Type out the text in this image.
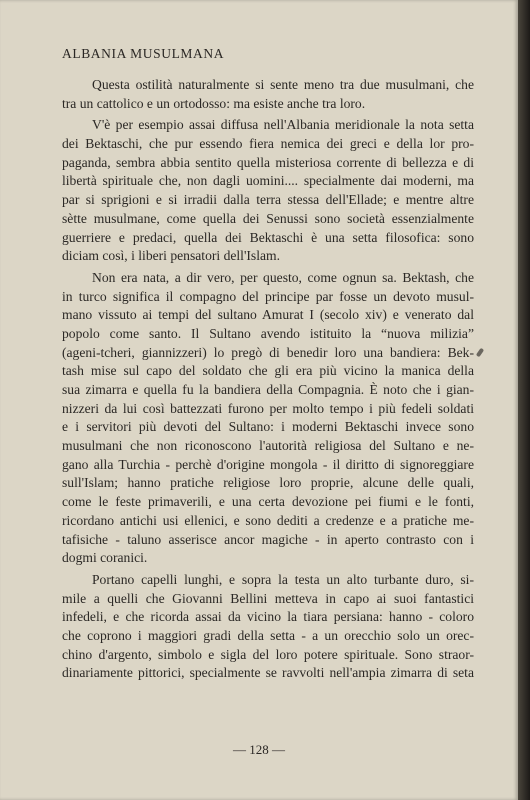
ALBANIA MUSULMANA
Questa ostilità naturalmente si sente meno tra due musulmani, che
tra un cattolico e un ortodosso: ma esiste anche tra loro.
V'è per esempio assai diffusa nell'Albania meridionale la nota setta
dei Bektaschi, che pur essendo fiera nemica dei greci e della lor pro-
paganda, sembra abbia sentito quella misteriosa corrente di bellezza e di
libertà spirituale che, non dagli uomini.... specialmente dai moderni, ma
par si sprigioni e si irradii dalla terra stessa dell'Ellade; e mentre altre
sètte musulmane, come quella dei Senussi sono società essenzialmente
guerriere e predaci, quella dei Bektaschi è una setta filosofica: sono
diciam così, i liberi pensatori dell'Islam.
Non era nata, a dir vero, per questo, come ognun sa. Bektash, che
in turco significa il compagno del principe par fosse un devoto musul-
mano vissuto ai tempi del sultano Amurat I (secolo xiv) e venerato dal
popolo come santo. Il Sultano avendo istituito la “nuova milizia”
(ageni-tcheri, giannizzeri) lo pregò di benedir loro una bandiera: Bek-
tash mise sul capo del soldato che gli era più vicino la manica della
sua zimarra e quella fu la bandiera della Compagnia. È noto che i gian-
nizzeri da lui così battezzati furono per molto tempo i più fedeli soldati
e i servitori più devoti del Sultano: i moderni Bektaschi invece sono
musulmani che non riconoscono l'autorità religiosa del Sultano e ne-
gano alla Turchia - perchè d'origine mongola - il diritto di signoreggiare
sull'Islam; hanno pratiche religiose loro proprie, alcune delle quali,
come le feste primaverili, e una certa devozione pei fiumi e le fonti,
ricordano antichi usi ellenici, e sono dediti a credenze e a pratiche me-
tafisiche - taluno asserisce ancor magiche - in aperto contrasto con i
dogmi coranici.
Portano capelli lunghi, e sopra la testa un alto turbante duro, si-
mile a quelli che Giovanni Bellini metteva in capo ai suoi fantastici
infedeli, e che ricorda assai da vicino la tiara persiana: hanno - coloro
che coprono i maggiori gradi della setta - a un orecchio solo un orec-
chino d'argento, simbolo e sigla del loro potere spirituale. Sono straor-
dinariamente pittorici, specialmente se ravvolti nell'ampia zimarra di seta
— 128 —
